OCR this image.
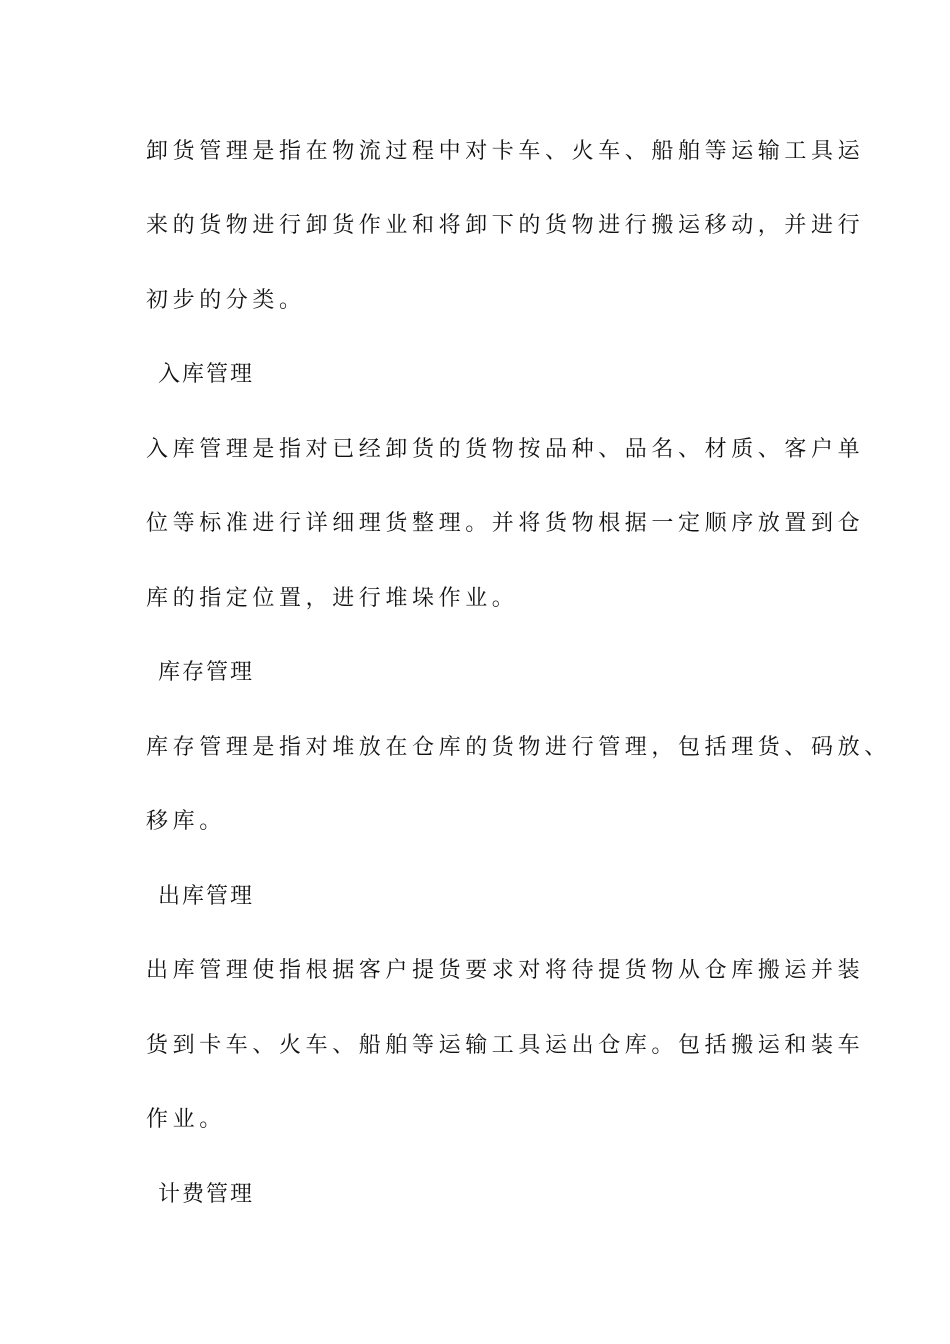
卸货管理是指在物流过程中对卡车、火车、船舶等运输工具运
来的货物进行卸货作业和将卸下的货物进行搬运移动，并进行
初步的分类。
入库管理
入库管理是指对已经卸货的货物按品种、品名、材质、客户单
位等标准进行详细理货整理。并将货物根据一定顺序放置到仓
库的指定位置，进行堆垛作业。
库存管理
库存管理是指对堆放在仓库的货物进行管理，包括理货、码放、
移库。
出库管理
出库管理使指根据客户提货要求对将待提货物从仓库搬运并装
货到卡车、火车、船舶等运输工具运出仓库。包括搬运和装车
作业。
计费管理
